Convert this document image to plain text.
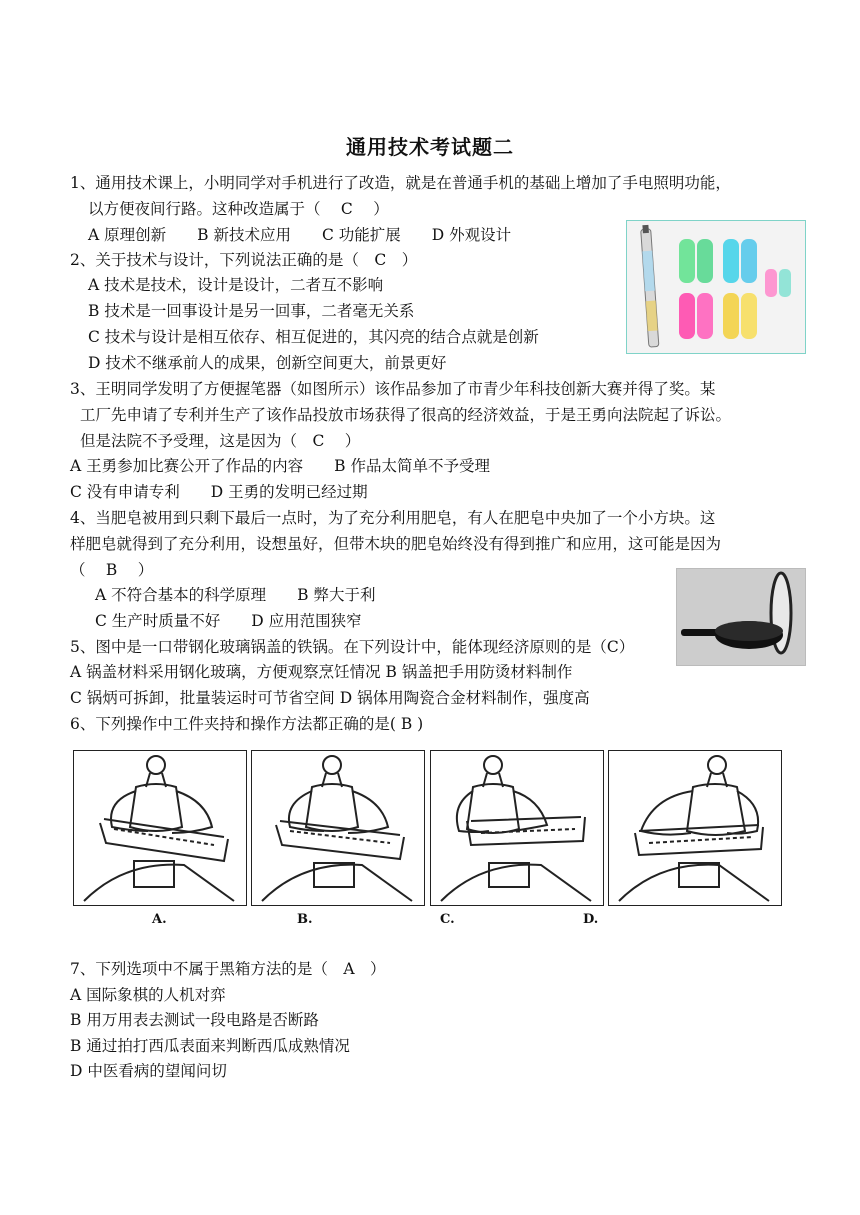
通用技术考试题二
1、通用技术课上，小明同学对手机进行了改造，就是在普通手机的基础上增加了手电照明功能，
以方便夜间行路。这种改造属于（　 C　 ）
A 原理创新　　B 新技术应用　　C 功能扩展　　D 外观设计
2、关于技术与设计，下列说法正确的是（　C　）
A 技术是技术，设计是设计，二者互不影响
B 技术是一回事设计是另一回事，二者毫无关系
C 技术与设计是相互依存、相互促进的，其闪亮的结合点就是创新
D 技术不继承前人的成果，创新空间更大，前景更好
3、王明同学发明了方便握笔器（如图所示）该作品参加了市青少年科技创新大赛并得了奖。某
工厂先申请了专利并生产了该作品投放市场获得了很高的经济效益，于是王勇向法院起了诉讼。
但是法院不予受理，这是因为（　C　 ）
A 王勇参加比赛公开了作品的内容　　B 作品太简单不予受理
C 没有申请专利　　D 王勇的发明已经过期
4、当肥皂被用到只剩下最后一点时，为了充分利用肥皂，有人在肥皂中央加了一个小方块。这
样肥皂就得到了充分利用，设想虽好，但带木块的肥皂始终没有得到推广和应用，这可能是因为
（　 B　 ）
A 不符合基本的科学原理　　B 弊大于利
C 生产时质量不好　　D 应用范围狭窄
5、图中是一口带钢化玻璃锅盖的铁锅。在下列设计中，能体现经济原则的是（C）
A 锅盖材料采用钢化玻璃，方便观察烹饪情况 B 锅盖把手用防烫材料制作
C 锅炳可拆卸，批量装运时可节省空间 D 锅体用陶瓷合金材料制作，强度高
6、下列操作中工件夹持和操作方法都正确的是( B )
7、下列选项中不属于黑箱方法的是（　A　）
A 国际象棋的人机对弈
B 用万用表去测试一段电路是否断路
B 通过拍打西瓜表面来判断西瓜成熟情况
D 中医看病的望闻问切
A.	B.	C.	D.
